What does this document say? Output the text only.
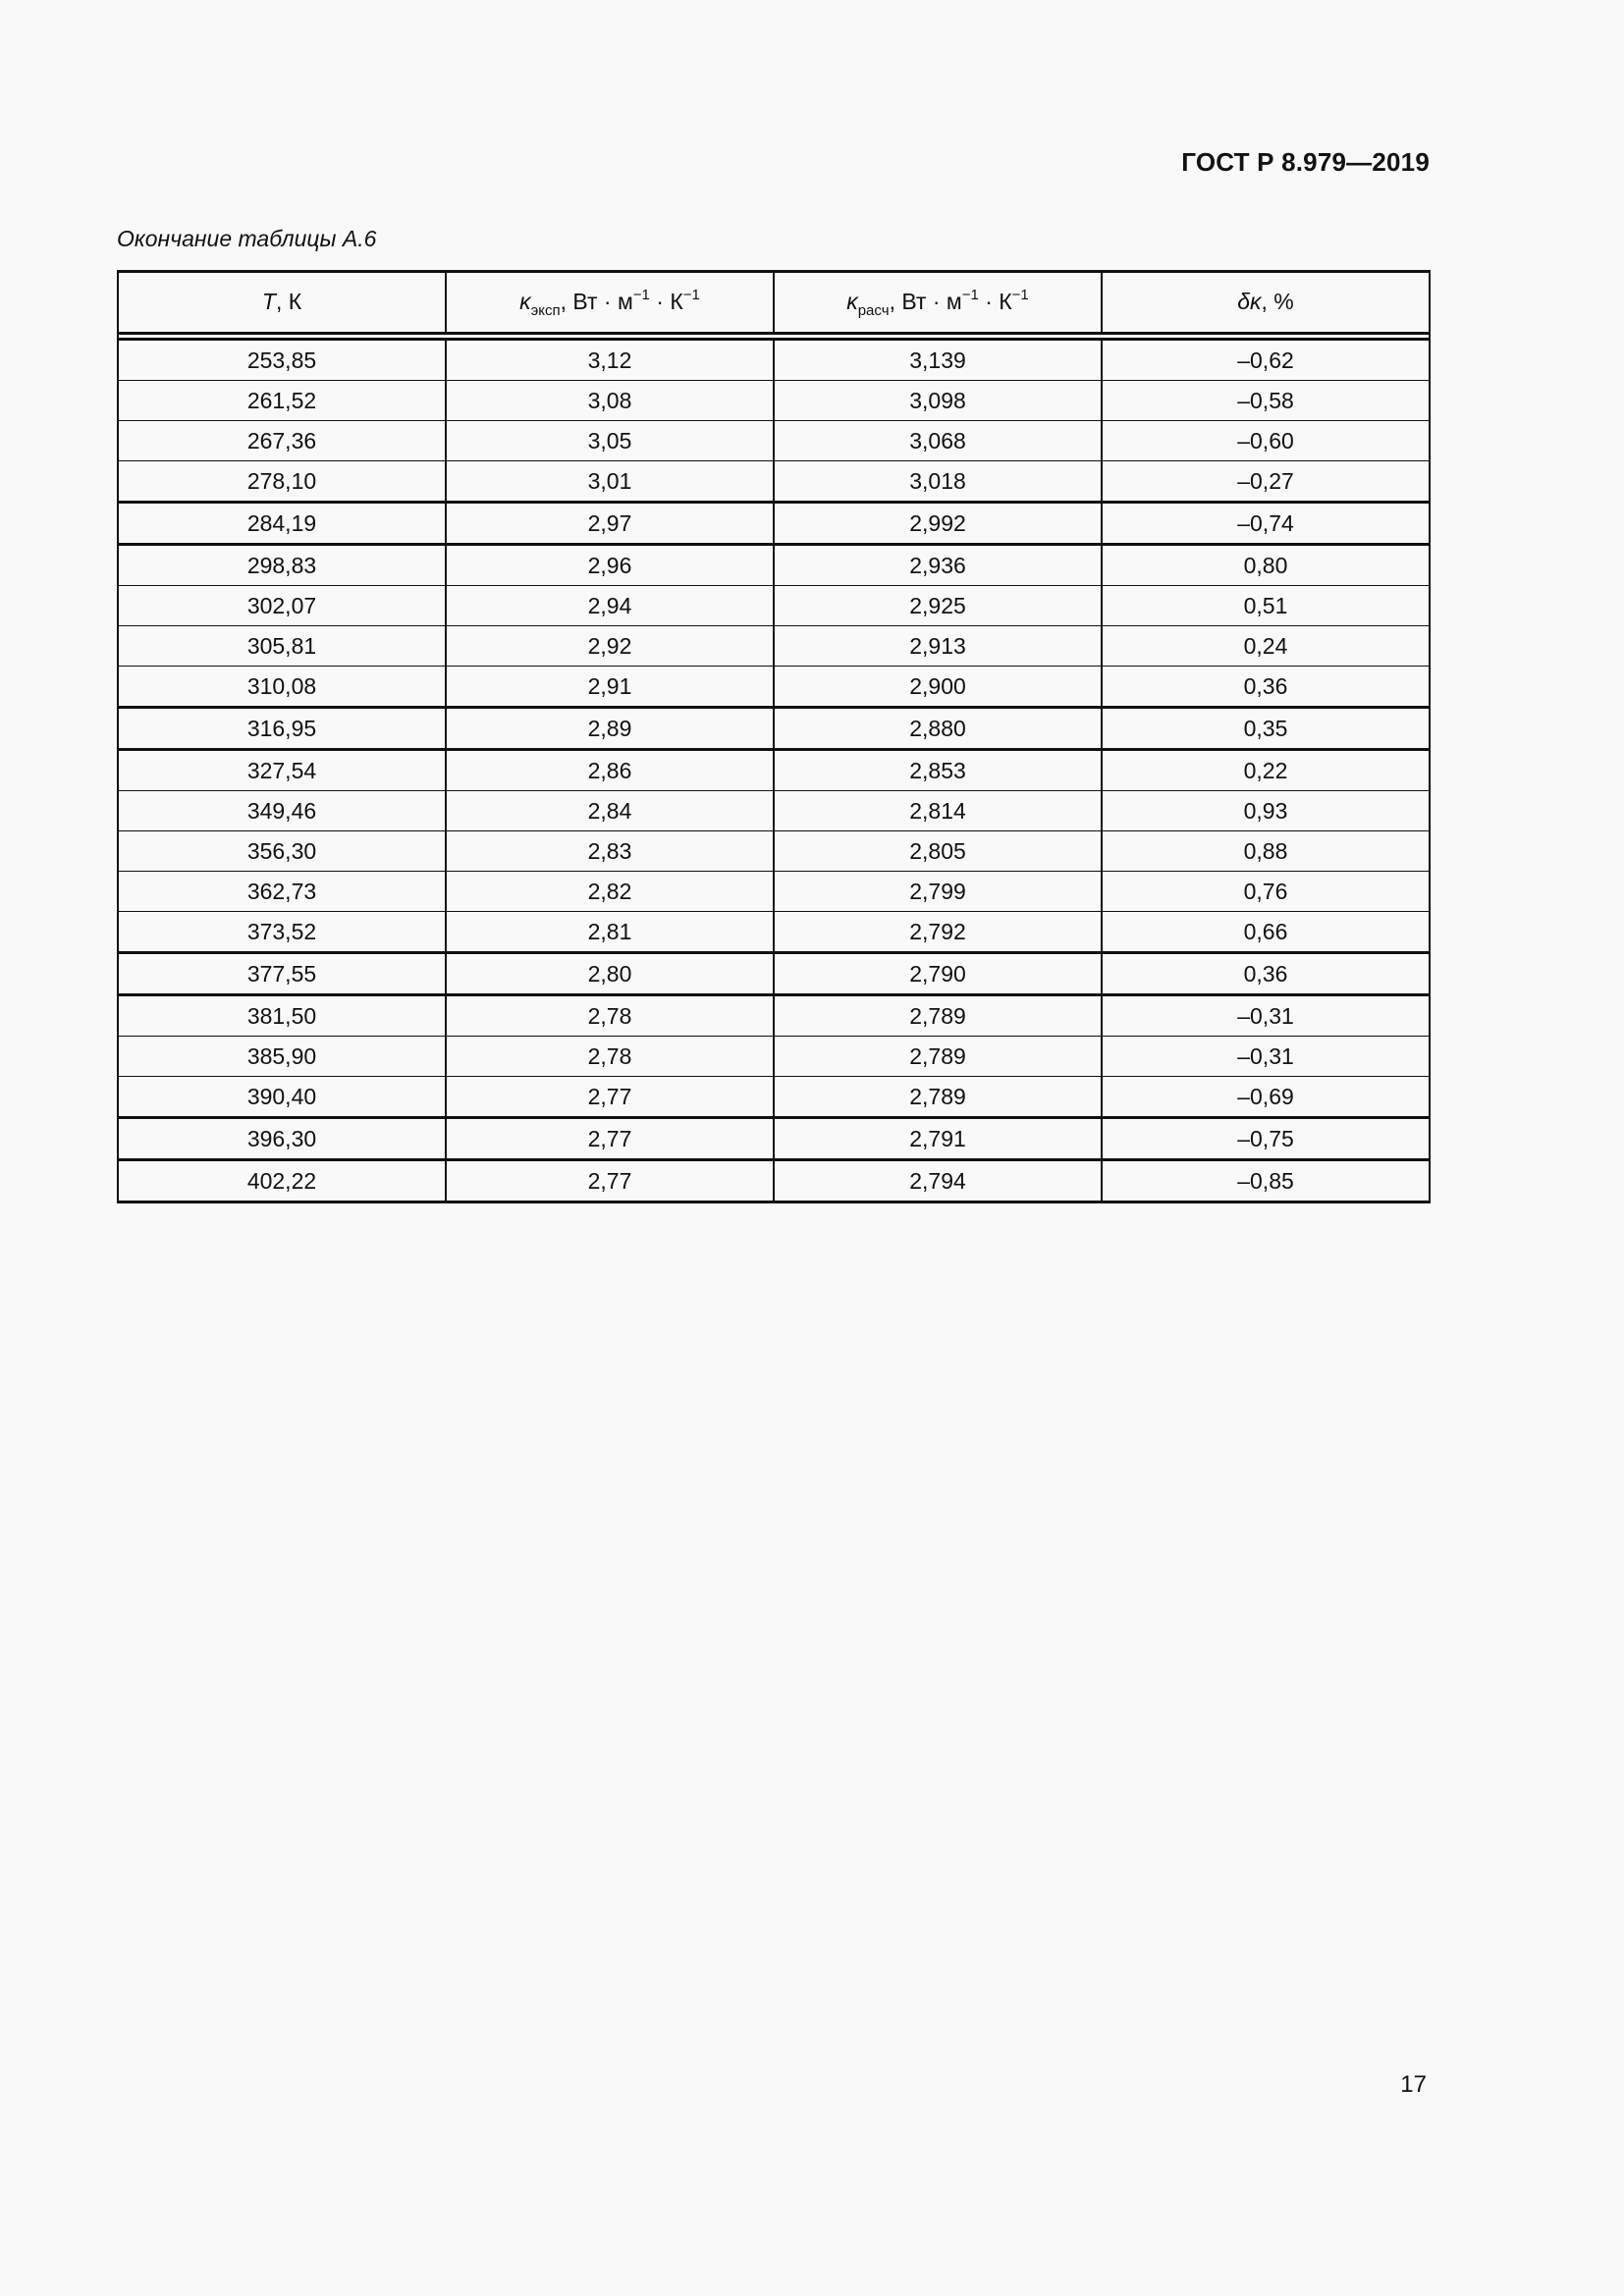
ГОСТ Р 8.979—2019
Окончание таблицы А.6
T, К	$\kappa_{эксп}$, Вт · $м^{-1} \cdot К^{-1}$	$\kappa_{расч}$, Вт · $м^{-1} \cdot К^{-1}$	δκ, %

253,85	3,12	3,139	–0,62
261,52	3,08	3,098	–0,58
267,36	3,05	3,068	–0,60
278,10	3,01	3,018	–0,27
284,19	2,97	2,992	–0,74
298,83	2,96	2,936	0,80
302,07	2,94	2,925	0,51
305,81	2,92	2,913	0,24
310,08	2,91	2,900	0,36
316,95	2,89	2,880	0,35
327,54	2,86	2,853	0,22
349,46	2,84	2,814	0,93
356,30	2,83	2,805	0,88
362,73	2,82	2,799	0,76
373,52	2,81	2,792	0,66
377,55	2,80	2,790	0,36
381,50	2,78	2,789	–0,31
385,90	2,78	2,789	–0,31
390,40	2,77	2,789	–0,69
396,30	2,77	2,791	–0,75
402,22	2,77	2,794	–0,85
17
